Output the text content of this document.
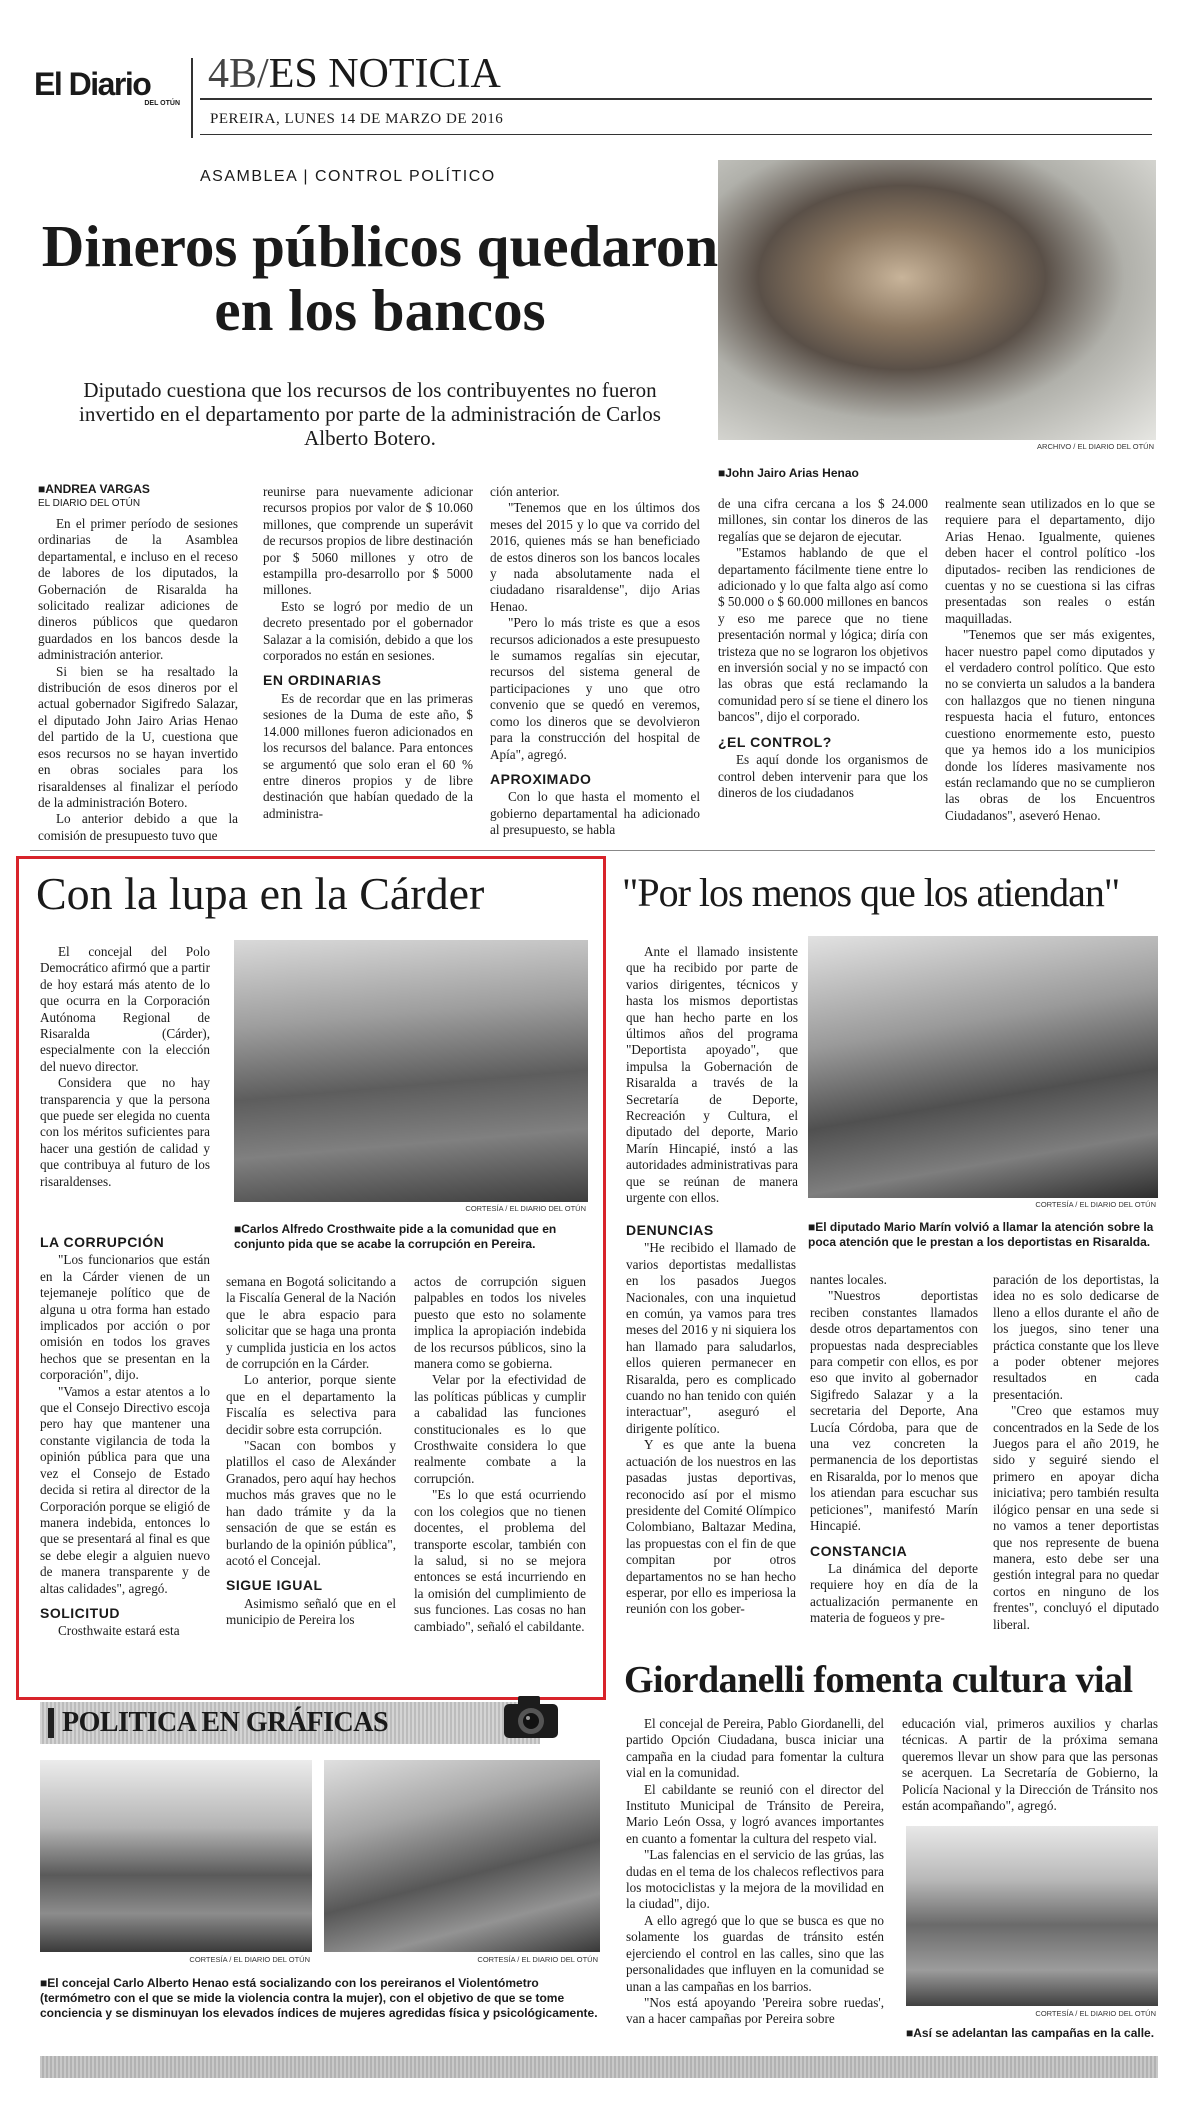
El Diario
DEL OTÚN
4B/ES NOTICIA
PEREIRA, LUNES 14 DE MARZO DE 2016
ASAMBLEA | CONTROL POLÍTICO
Dineros públicos quedaron en los bancos
Diputado cuestiona que los recursos de los contribuyentes no fueron invertido en el departamento por parte de la administración de Carlos Alberto Botero.	ARCHIVO / EL DIARIO DEL OTÚN
■ John Jairo Arias Henao
■ ANDREA VARGAS
EL DIARIO DEL OTÚN

En el primer período de sesiones ordinarias de la Asamblea departamental, e incluso en el receso de labores de los diputados, la Gobernación de Risaralda ha solicitado realizar adiciones de dineros públicos que quedaron guardados en los bancos desde la administración anterior.

Si bien se ha resaltado la distribución de esos dineros por el actual gobernador Sigifredo Salazar, el diputado John Jairo Arias Henao del partido de la U, cuestiona que esos recursos no se hayan invertido en obras sociales para los risaraldenses al finalizar el período de la administración Botero.

Lo anterior debido a que la comisión de presupuesto tuvo que

reunirse para nuevamente adicionar recursos propios por valor de $ 10.060 millones, que comprende un superávit de recursos propios de libre destinación por $ 5060 millones y otro de estampilla pro-desarrollo por $ 5000 millones.

Esto se logró por medio de un decreto presentado por el gobernador Salazar a la comisión, debido a que los corporados no están en sesiones.

EN ORDINARIAS

Es de recordar que en las primeras sesiones de la Duma de este año, $ 14.000 millones fueron adicionados en los recursos del balance. Para entonces se argumentó que solo eran el 60 % entre dineros propios y de libre destinación que habían quedado de la administra-

ción anterior.

"Tenemos que en los últimos dos meses del 2015 y lo que va corrido del 2016, quienes más se han beneficiado de estos dineros son los bancos locales y nada absolutamente nada el ciudadano risaraldense", dijo Arias Henao.

"Pero lo más triste es que a esos recursos adicionados a este presupuesto le sumamos regalías sin ejecutar, recursos del sistema general de participaciones y uno que otro convenio que se quedó en veremos, como los dineros que se devolvieron para la construcción del hospital de Apía", agregó.

APROXIMADO

Con lo que hasta el momento el gobierno departamental ha adicionado al presupuesto, se habla

de una cifra cercana a los $ 24.000 millones, sin contar los dineros de las regalías que se dejaron de ejecutar.

"Estamos hablando de que el departamento fácilmente tiene entre lo adicionado y lo que falta algo así como $ 50.000 o $ 60.000 millones en bancos y eso me parece que no tiene presentación normal y lógica; diría con tristeza que no se lograron los objetivos en inversión social y no se impactó con las obras que está reclamando la comunidad pero sí se tiene el dinero los bancos", dijo el corporado.

¿EL CONTROL?

Es aquí donde los organismos de control deben intervenir para que los dineros de los ciudadanos

realmente sean utilizados en lo que se requiere para el departamento, dijo Arias Henao. Igualmente, quienes deben hacer el control político -los diputados- reciben las rendiciones de cuentas y no se cuestiona si las cifras presentadas son reales o están maquilladas.

"Tenemos que ser más exigentes, hacer nuestro papel como diputados y el verdadero control político. Que esto no se convierta un saludos a la bandera con hallazgos que no tienen ninguna respuesta hacia el futuro, entonces cuestiono enormemente esto, puesto que ya hemos ido a los municipios donde los líderes masivamente nos están reclamando que no se cumplieron las obras de los Encuentros Ciudadanos", aseveró Henao.

Con la lupa en la Cárder

El concejal del Polo Democrático afirmó que a partir de hoy estará más atento de lo que ocurra en la Corporación Autónoma Regional de Risaralda (Cárder), especialmente con la elección del nuevo director.

Considera que no hay transparencia y que la persona que puede ser elegida no cuenta con los méritos suficientes para hacer una gestión de calidad y que contribuya al futuro de los risaraldenses.

CORTESÍA / EL DIARIO DEL OTÚN
■ Carlos Alfredo Crosthwaite pide a la comunidad que en conjunto pida que se acabe la corrupción en Pereira.
LA CORRUPCIÓN

"Los funcionarios que están en la Cárder vienen de un tejemaneje político que de alguna u otra forma han estado implicados por acción o por omisión en todos los graves hechos que se presentan en la corporación", dijo.

"Vamos a estar atentos a lo que el Consejo Directivo escoja pero hay que mantener una constante vigilancia de toda la opinión pública para que una vez el Consejo de Estado decida si retira al director de la Corporación porque se eligió de manera indebida, entonces lo que se presentará al final es que se debe elegir a alguien nuevo de manera transparente y de altas calidades", agregó.

SOLICITUD

Crosthwaite estará esta

semana en Bogotá solicitando a la Fiscalía General de la Nación que le abra espacio para solicitar que se haga una pronta y cumplida justicia en los actos de corrupción en la Cárder.

Lo anterior, porque siente que en el departamento la Fiscalía es selectiva para decidir sobre esta corrupción.

"Sacan con bombos y platillos el caso de Alexánder Granados, pero aquí hay hechos muchos más graves que no le han dado trámite y da la sensación de que se están es burlando de la opinión pública", acotó el Concejal.

SIGUE IGUAL

Asimismo señaló que en el municipio de Pereira los

actos de corrupción siguen palpables en todos los niveles puesto que esto no solamente implica la apropiación indebida de los recursos públicos, sino la manera como se gobierna.

Velar por la efectividad de las políticas públicas y cumplir a cabalidad las funciones constitucionales es lo que Crosthwaite considera lo que realmente combate a la corrupción.

"Es lo que está ocurriendo con los colegios que no tienen docentes, el problema del transporte escolar, también con la salud, si no se mejora entonces se está incurriendo en la omisión del cumplimiento de sus funciones. Las cosas no han cambiado", señaló el cabildante.

"Por los menos que los atiendan"

Ante el llamado insistente que ha recibido por parte de varios dirigentes, técnicos y hasta los mismos deportistas que han hecho parte en los últimos años del programa "Deportista apoyado", que impulsa la Gobernación de Risaralda a través de la Secretaría de Deporte, Recreación y Cultura, el diputado del deporte, Mario Marín Hincapié, instó a las autoridades administrativas para que se reúnan de manera urgente con ellos.	CORTESÍA / EL DIARIO DEL OTÚN
■ El diputado Mario Marín volvió a llamar la atención sobre la poca atención que le prestan a los deportistas en Risaralda.
DENUNCIAS

"He recibido el llamado de varios deportistas medallistas en los pasados Juegos Nacionales, con una inquietud en común, ya vamos para tres meses del 2016 y ni siquiera los han llamado para saludarlos, ellos quieren permanecer en Risaralda, pero es complicado cuando no han tenido con quién interactuar", aseguró el dirigente político.

Y es que ante la buena actuación de los nuestros en las pasadas justas deportivas, reconocido así por el mismo presidente del Comité Olímpico Colombiano, Baltazar Medina, las propuestas con el fin de que compitan por otros departamentos no se han hecho esperar, por ello es imperiosa la reunión con los gober-

nantes locales.

"Nuestros deportistas reciben constantes llamados desde otros departamentos con propuestas nada despreciables para competir con ellos, es por eso que invito al gobernador Sigifredo Salazar y a la secretaria del Deporte, Ana Lucía Córdoba, para que de una vez concreten la permanencia de los deportistas en Risaralda, por lo menos que los atiendan para escuchar sus peticiones", manifestó Marín Hincapié.

CONSTANCIA

La dinámica del deporte requiere hoy en día de la actualización permanente en materia de fogueos y pre-

paración de los deportistas, la idea no es solo dedicarse de lleno a ellos durante el año de los juegos, sino tener una práctica constante que los lleve a poder obtener mejores resultados en cada presentación.

"Creo que estamos muy concentrados en la Sede de los Juegos para el año 2019, he sido y seguiré siendo el primero en apoyar dicha iniciativa; pero también resulta ilógico pensar en una sede si no vamos a tener deportistas que nos represente de buena manera, esto debe ser una gestión integral para no quedar cortos en ninguno de los frentes", concluyó el diputado liberal.

POLITICA EN GRÁFICAS
CORTESÍA / EL DIARIO DEL OTÚN	CORTESÍA / EL DIARIO DEL OTÚN
■ El concejal Carlo Alberto Henao está socializando con los pereiranos el Violentómetro (termómetro con el que se mide la violencia contra la mujer), con el objetivo de que se tome conciencia y se disminuyan los elevados índices de mujeres agredidas física y psicológicamente.
Giordanelli fomenta cultura vial

El concejal de Pereira, Pablo Giordanelli, del partido Opción Ciudadana, busca iniciar una campaña en la ciudad para fomentar la cultura vial en la comunidad.

El cabildante se reunió con el director del Instituto Municipal de Tránsito de Pereira, Mario León Ossa, y logró avances importantes en cuanto a fomentar la cultura del respeto vial.

"Las falencias en el servicio de las grúas, las dudas en el tema de los chalecos reflectivos para los motociclistas y la mejora de la movilidad en la ciudad", dijo.

A ello agregó que lo que se busca es que no solamente los guardas de tránsito estén ejerciendo el control en las calles, sino que las personalidades que influyen en la comunidad se unan a las campañas en los barrios.

"Nos está apoyando 'Pereira sobre ruedas', van a hacer campañas por Pereira sobre

educación vial, primeros auxilios y charlas técnicas. A partir de la próxima semana queremos llevar un show para que las personas se acerquen. La Secretaría de Gobierno, la Policía Nacional y la Dirección de Tránsito nos están acompañando", agregó.

CORTESÍA / EL DIARIO DEL OTÚN
■ Así se adelantan las campañas en la calle.
